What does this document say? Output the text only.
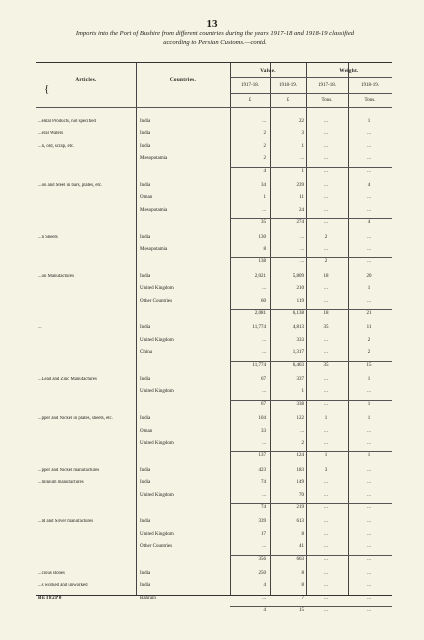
13
Imports into the Port of Bushire from different countries during the years 1917-18 and 1918-19 classified
according to Persian Customs.—contd.
Articles.
{
Countries.
Value.	Weight.
1917-18.	1918-19.	1917-18.	1918-19.
£	£	Tons.	Tons.
...ental Products, not specified	India	...	22	...	1
...eral Waters	India	2	3	...	...
...n, old, scrap, etc.	India	2	1	...	...
Mesopotamia	2	...	...	...
4	1	...	...
...on and Steel in bars, plates, etc.	India	34	239	...	4
Oman	1	11	...	...
Mesopotamia	...	24	...	...
35	274	...	4
...n Sheets	India	130	...	2	...
Mesopotamia	8	...	...	...
138	...	2	...
...on Manufactures	India	2,021	5,809	18	20
United Kingdom	...	210	...	1
Other Countries	60	119	...	...
2,081	6,138	18	21
...	India	11,774	4,813	35	11
United Kingdom	...	333	...	2
China	...	1,317	...	2
11,774	6,463	35	15
...Lead and Zinc Manufactures	India	67	337	...	1
United Kingdom	...	1	...	...
67	338	...	1
...pper and Nickel in plates, sheets, etc.	India	104	122	1	1
Oman	33	...	...	...
United Kingdom	...	2	...	...
137	124	1	1
...pper and Nickel manufactures	India	423	183	3	...
...minium manufactures	India	74	149	...	...
United Kingdom	...	70	...	...
74	219	...	...
...ld and Silver manufactures	India	339	613	...	...
United Kingdom	17	8	...	...
Other Countries	...	41	...	...
356	663	...	...
...cious stones	India	250	8	...	...
...s worked and unworked	India	4	8	...	...
Bahrain	...	7	...	...
4	15	...	...
BE182P0
